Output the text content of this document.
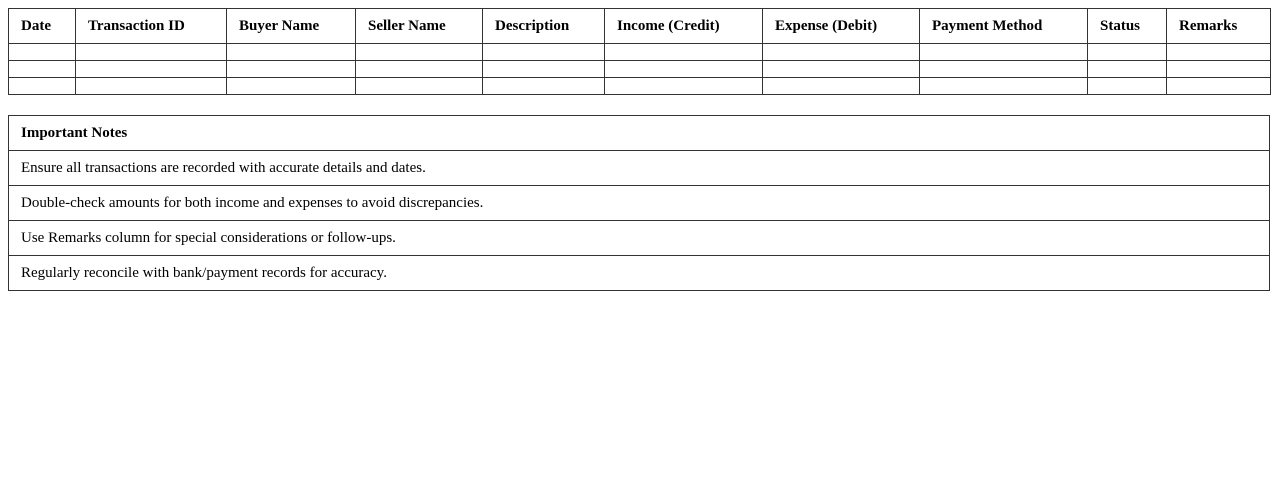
Date	Transaction ID	Buyer Name	Seller Name	Description	Income (Credit)	Expense (Debit)	Payment Method	Status	Remarks

Important Notes
Ensure all transactions are recorded with accurate details and dates.
Double-check amounts for both income and expenses to avoid discrepancies.
Use Remarks column for special considerations or follow-ups.
Regularly reconcile with bank/payment records for accuracy.
